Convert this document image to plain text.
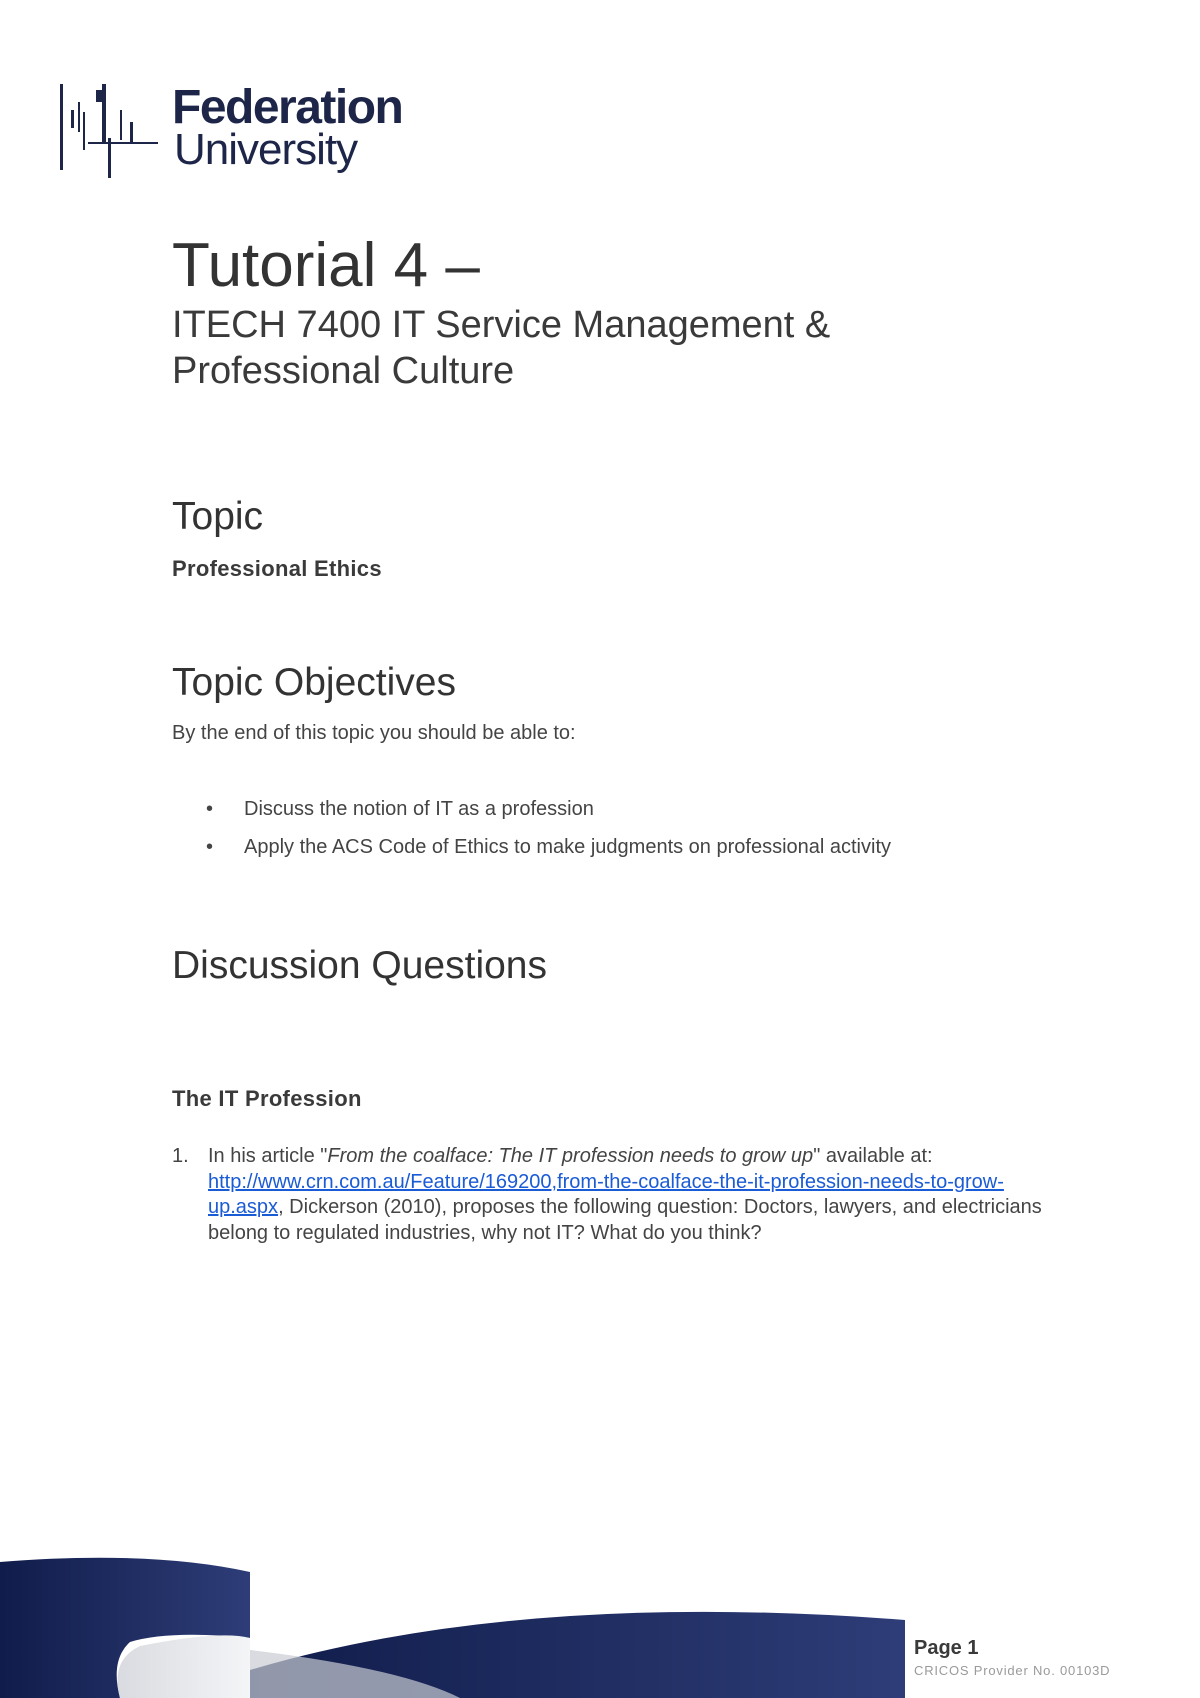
Federation
University
Tutorial 4 –
ITECH 7400 IT Service Management & Professional Culture
Topic

Professional Ethics

Topic Objectives

By the end of this topic you should be able to:

• Discuss the notion of IT as a profession
• Apply the ACS Code of Ethics to make judgments on professional activity
Discussion Questions
The IT Profession
1. In his article "From the coalface: The IT profession needs to grow up" available at: http://www.crn.com.au/Feature/169200,from-the-coalface-the-it-profession-needs-to-grow-up.aspx, Dickerson (2010), proposes the following question: Doctors, lawyers, and electricians belong to regulated industries, why not IT? What do you think?
Page 1
CRICOS Provider No. 00103D
